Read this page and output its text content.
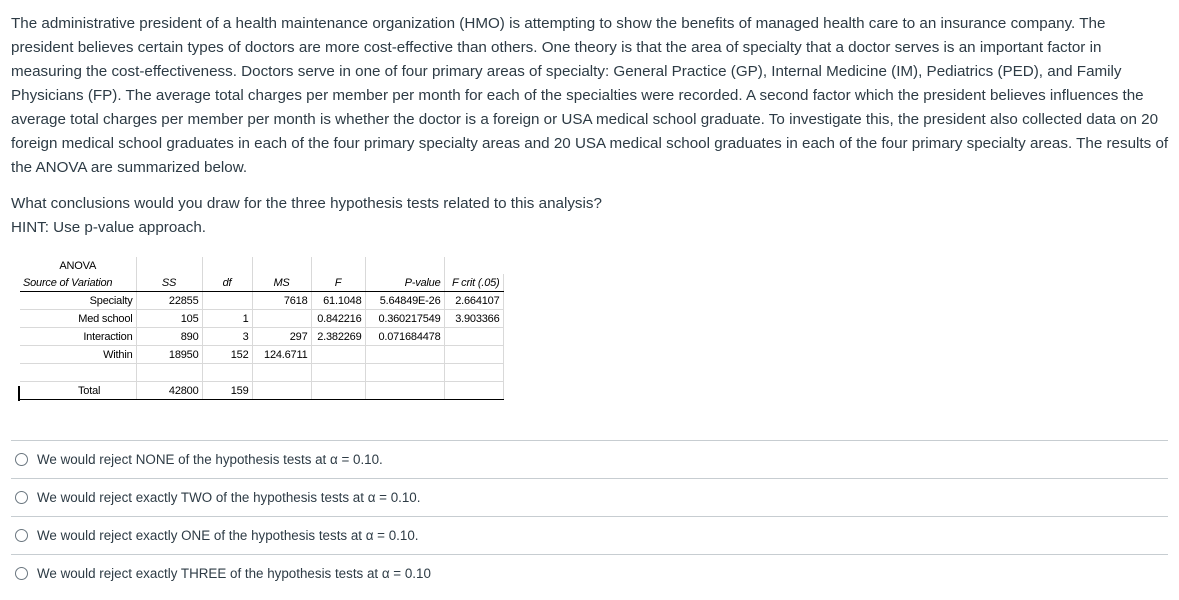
The administrative president of a health maintenance organization (HMO) is attempting to show the benefits of managed health care to an insurance company. The president believes certain types of doctors are more cost-effective than others. One theory is that the area of specialty that a doctor serves is an important factor in measuring the cost-effectiveness. Doctors serve in one of four primary areas of specialty: General Practice (GP), Internal Medicine (IM), Pediatrics (PED), and Family Physicians (FP). The average total charges per member per month for each of the specialties were recorded. A second factor which the president believes influences the average total charges per member per month is whether the doctor is a foreign or USA medical school graduate. To investigate this, the president also collected data on 20 foreign medical school graduates in each of the four primary specialty areas and 20 USA medical school graduates in each of the four primary specialty areas. The results of the ANOVA are summarized below.

What conclusions would you draw for the three hypothesis tests related to this analysis?

HINT: Use p-value approach.

ANOVA						
Source of Variation	SS	df	MS	F	P-value	F crit (.05)
Specialty	22855		7618	61.1048	5.64849E-26	2.664107
Med school	105	1		0.842216	0.360217549	3.903366
Interaction	890	3	297	2.382269	0.071684478	
Within	18950	152	124.6711			

Total	42800	159				
We would reject NONE of the hypothesis tests at α = 0.10.
We would reject exactly TWO of the hypothesis tests at α = 0.10.
We would reject exactly ONE of the hypothesis tests at α = 0.10.
We would reject exactly THREE of the hypothesis tests at α = 0.10
